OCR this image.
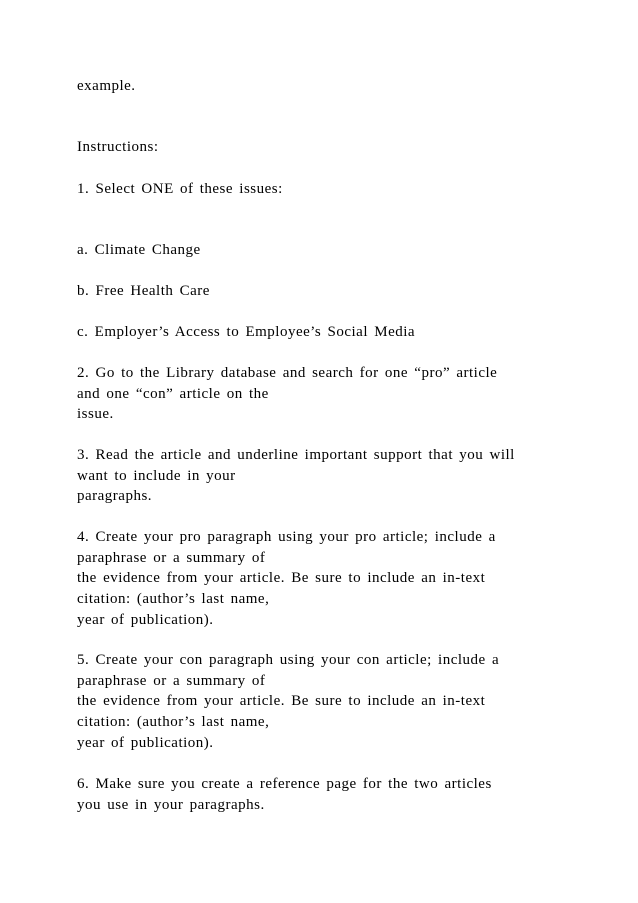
example.
Instructions:
1. Select ONE of these issues:
a. Climate Change
b. Free Health Care
c. Employer’s Access to Employee’s Social Media
2. Go to the Library database and search for one “pro” article
and one “con” article on the
issue.
3. Read the article and underline important support that you will
want to include in your
paragraphs.
4. Create your pro paragraph using your pro article; include a
paraphrase or a summary of
the evidence from your article. Be sure to include an in-text
citation: (author’s last name,
year of publication).
5. Create your con paragraph using your con article; include a
paraphrase or a summary of
the evidence from your article. Be sure to include an in-text
citation: (author’s last name,
year of publication).
6. Make sure you create a reference page for the two articles
you use in your paragraphs.
